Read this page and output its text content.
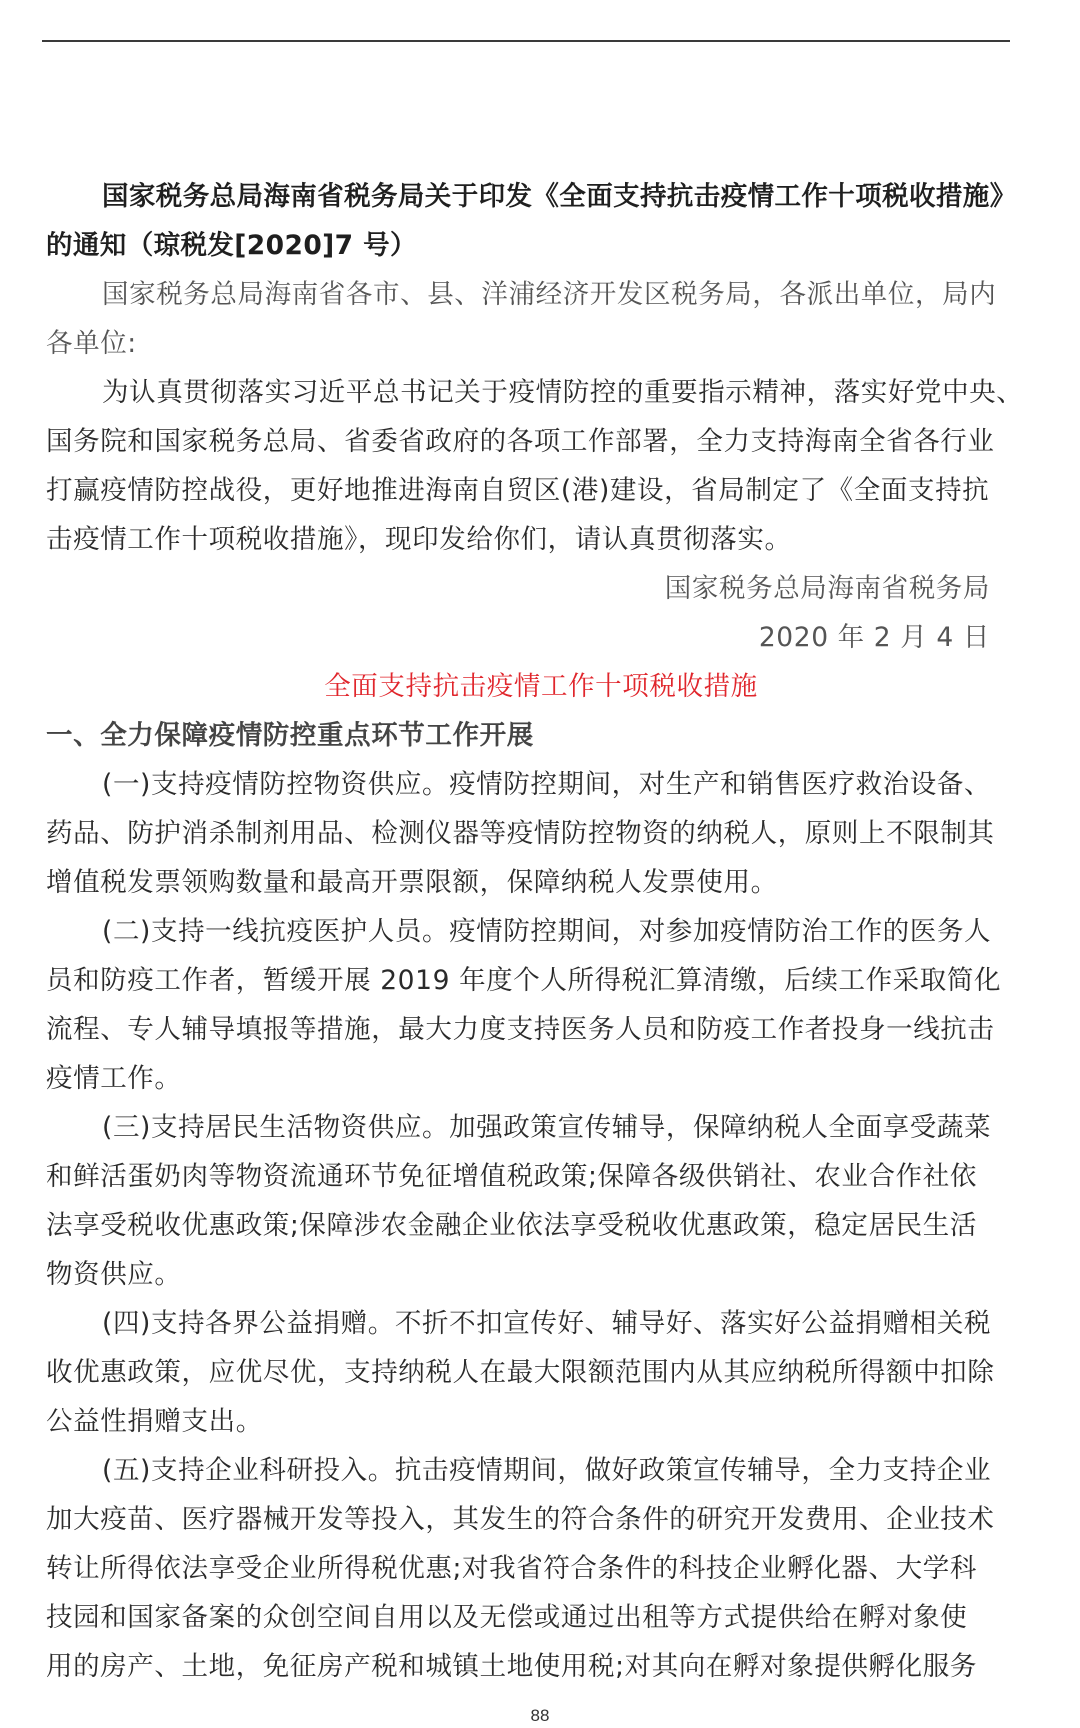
国家税务总局海南省税务局关于印发《全面支持抗击疫情工作十项税收措施》
的通知（琼税发[2020]7 号）
国家税务总局海南省各市、县、洋浦经济开发区税务局，各派出单位，局内
各单位:
为认真贯彻落实习近平总书记关于疫情防控的重要指示精神，落实好党中央、
国务院和国家税务总局、省委省政府的各项工作部署，全力支持海南全省各行业
打赢疫情防控战役，更好地推进海南自贸区(港)建设，省局制定了《全面支持抗
击疫情工作十项税收措施》，现印发给你们，请认真贯彻落实。
国家税务总局海南省税务局
2020 年 2 月 4 日
全面支持抗击疫情工作十项税收措施
一、全力保障疫情防控重点环节工作开展
(一)支持疫情防控物资供应。疫情防控期间，对生产和销售医疗救治设备、
药品、防护消杀制剂用品、检测仪器等疫情防控物资的纳税人，原则上不限制其
增值税发票领购数量和最高开票限额，保障纳税人发票使用。
(二)支持一线抗疫医护人员。疫情防控期间，对参加疫情防治工作的医务人
员和防疫工作者，暂缓开展 2019 年度个人所得税汇算清缴，后续工作采取简化
流程、专人辅导填报等措施，最大力度支持医务人员和防疫工作者投身一线抗击
疫情工作。
(三)支持居民生活物资供应。加强政策宣传辅导，保障纳税人全面享受蔬菜
和鲜活蛋奶肉等物资流通环节免征增值税政策;保障各级供销社、农业合作社依
法享受税收优惠政策;保障涉农金融企业依法享受税收优惠政策，稳定居民生活
物资供应。
(四)支持各界公益捐赠。不折不扣宣传好、辅导好、落实好公益捐赠相关税
收优惠政策，应优尽优，支持纳税人在最大限额范围内从其应纳税所得额中扣除
公益性捐赠支出。
(五)支持企业科研投入。抗击疫情期间，做好政策宣传辅导，全力支持企业
加大疫苗、医疗器械开发等投入，其发生的符合条件的研究开发费用、企业技术
转让所得依法享受企业所得税优惠;对我省符合条件的科技企业孵化器、大学科
技园和国家备案的众创空间自用以及无偿或通过出租等方式提供给在孵对象使
用的房产、土地，免征房产税和城镇土地使用税;对其向在孵对象提供孵化服务
88
